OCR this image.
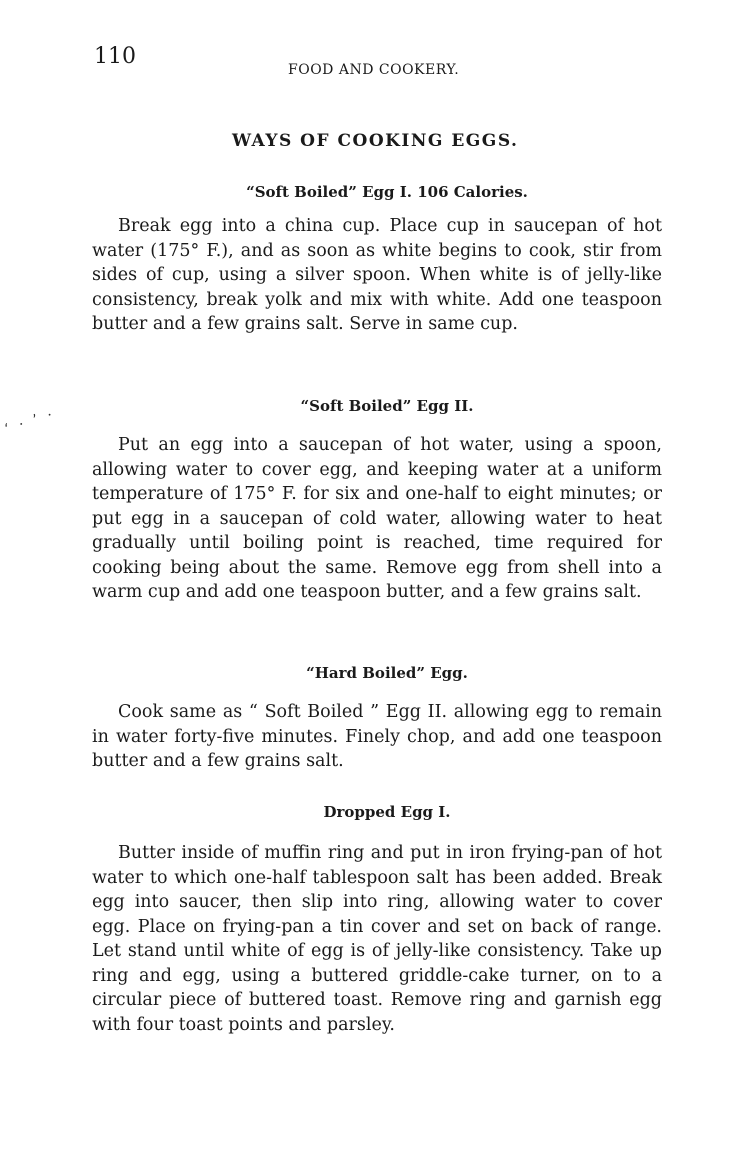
110
FOOD AND COOKERY.
WAYS OF COOKING EGGS.
‘ · ’ ·
“Soft Boiled” Egg I. 106 Calories.

Break egg into a china cup. Place cup in saucepan of hot water (175° F.), and as soon as white begins to cook, stir from sides of cup, using a silver spoon. When white is of jelly-like consistency, break yolk and mix with white. Add one teaspoon butter and a few grains salt. Serve in same cup.

“Soft Boiled” Egg II.

Put an egg into a saucepan of hot water, using a spoon, allowing water to cover egg, and keeping water at a uniform temperature of 175° F. for six and one-half to eight minutes; or put egg in a saucepan of cold water, allowing water to heat gradually until boiling point is reached, time required for cooking being about the same. Remove egg from shell into a warm cup and add one teaspoon butter, and a few grains salt.

“Hard Boiled” Egg.

Cook same as “ Soft Boiled ” Egg II. allowing egg to remain in water forty-five minutes. Finely chop, and add one teaspoon butter and a few grains salt.

Dropped Egg I.

Butter inside of muffin ring and put in iron frying-pan of hot water to which one-half tablespoon salt has been added. Break egg into saucer, then slip into ring, allowing water to cover egg. Place on frying-pan a tin cover and set on back of range. Let stand until white of egg is of jelly-like consistency. Take up ring and egg, using a buttered griddle-cake turner, on to a circular piece of buttered toast. Remove ring and garnish egg with four toast points and parsley.
